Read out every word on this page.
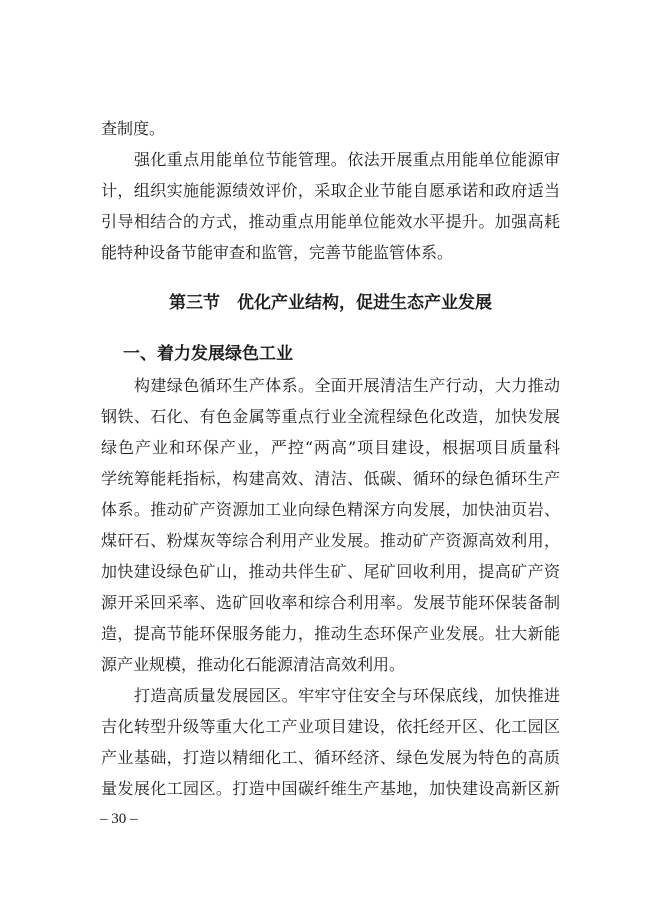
查制度。
强化重点用能单位节能管理。依法开展重点用能单位能源审
计，组织实施能源绩效评价，采取企业节能自愿承诺和政府适当
引导相结合的方式，推动重点用能单位能效水平提升。加强高耗
能特种设备节能审查和监管，完善节能监管体系。
第三节　优化产业结构，促进生态产业发展
一、着力发展绿色工业
构建绿色循环生产体系。全面开展清洁生产行动，大力推动
钢铁、石化、有色金属等重点行业全流程绿色化改造，加快发展
绿色产业和环保产业，严控“两高”项目建设，根据项目质量科
学统筹能耗指标，构建高效、清洁、低碳、循环的绿色循环生产
体系。推动矿产资源加工业向绿色精深方向发展，加快油页岩、
煤矸石、粉煤灰等综合利用产业发展。推动矿产资源高效利用，
加快建设绿色矿山，推动共伴生矿、尾矿回收利用，提高矿产资
源开采回采率、选矿回收率和综合利用率。发展节能环保装备制
造，提高节能环保服务能力，推动生态环保产业发展。壮大新能
源产业规模，推动化石能源清洁高效利用。
打造高质量发展园区。牢牢守住安全与环保底线，加快推进
吉化转型升级等重大化工产业项目建设，依托经开区、化工园区
产业基础，打造以精细化工、循环经济、绿色发展为特色的高质
量发展化工园区。打造中国碳纤维生产基地，加快建设高新区新
– 30 –
